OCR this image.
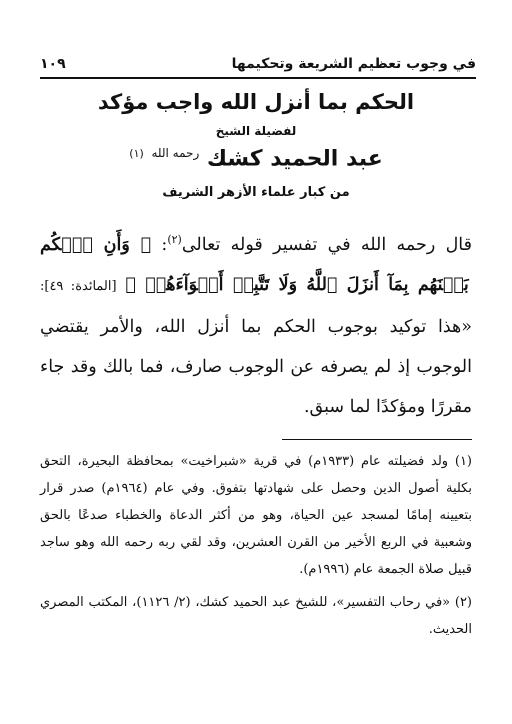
في وجوب تعظيم الشريعة وتحكيمها
١٠٩
الحكم بما أنزل الله واجب مؤكد
لفضيلة الشيخ
عبد الحميد كشك $^{رحمه الله}$ $^{(١)}$
من كبار علماء الأزهر الشريف

قال رحمه الله في تفسير قوله تعالى$^{(٢)}$: ﴿ وَأَنِ ٱحۡكُم بَيۡنَهُم بِمَآ أَنزَلَ ٱللَّهُ وَلَا تَتَّبِعۡ أَهۡوَآءَهُمۡ ﴾ [المائدة: ٤٩]: «هذا توكيد بوجوب الحكم بما أنزل الله، والأمر يقتضي الوجوب إذ لم يصرفه عن الوجوب صارف، فما بالك وقد جاء مقررًا ومؤكدًا لما سبق.

(١) ولد فضيلته عام (١٩٣٣م) في قرية «شبراخيت» بمحافظة البحيرة، التحق بكلية أصول الدين وحصل على شهادتها بتفوق. وفي عام (١٩٦٤م) صدر قرار بتعيينه إمامًا لمسجد عين الحياة، وهو من أكثر الدعاة والخطباء صدعًا بالحق وشعبية في الربع الأخير من القرن العشرين، وقد لقي ربه رحمه الله وهو ساجد قبيل صلاة الجمعة عام (١٩٩٦م).

(٢) «في رحاب التفسير»، للشيخ عبد الحميد كشك، (٢/ ١١٢٦)، المكتب المصري الحديث.
